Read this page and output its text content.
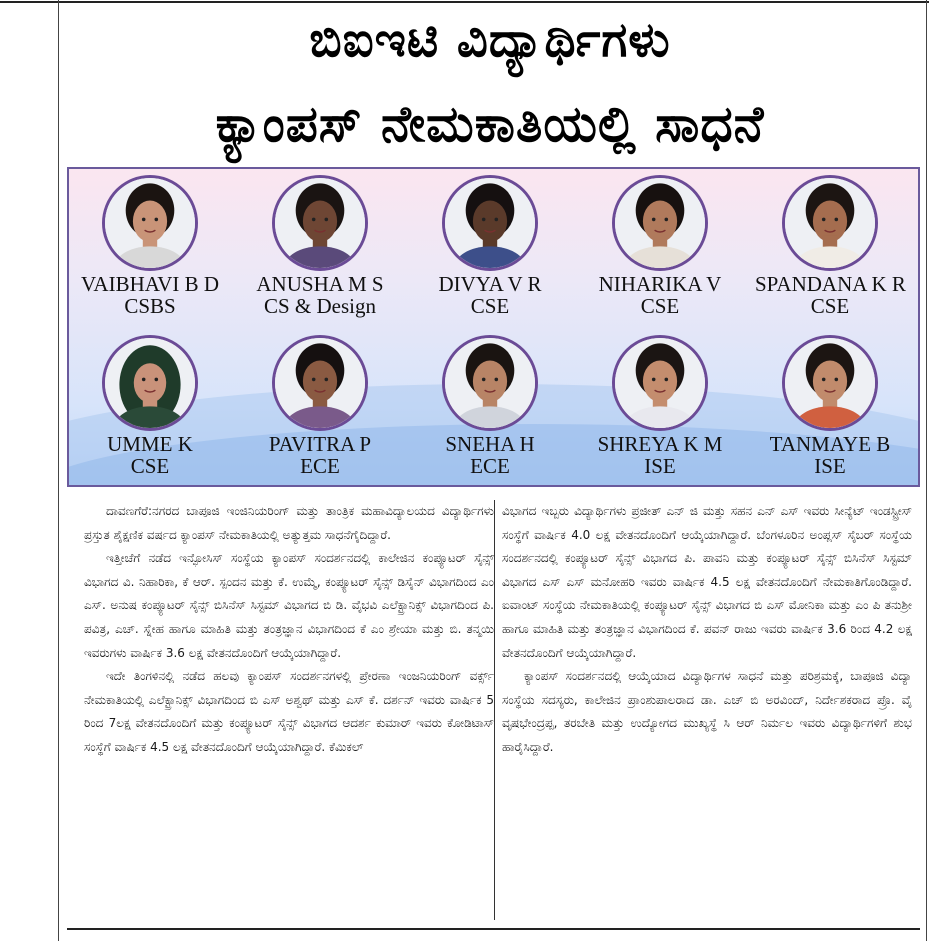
ಬಿಐಇಟಿ ವಿದ್ಯಾರ್ಥಿಗಳು
ಕ್ಯಾಂಪಸ್ ನೇಮಕಾತಿಯಲ್ಲಿ ಸಾಧನೆ
VAIBHAVI B D
CSBS
ANUSHA M S
CS & Design
DIVYA V R
CSE
NIHARIKA V
CSE
SPANDANA K R
CSE
UMME K
CSE
PAVITRA P
ECE
SNEHA H
ECE
SHREYA K M
ISE
TANMAYE B
ISE

ದಾವಣಗೆರೆ:ನಗರದ ಬಾಪೂಜಿ ಇಂಜಿನಿಯರಿಂಗ್ ಮತ್ತು ತಾಂತ್ರಿಕ ಮಹಾವಿದ್ಯಾಲಯದ ವಿದ್ಯಾರ್ಥಿಗಳು ಪ್ರಸ್ತುತ ಶೈಕ್ಷಣಿಕ ವರ್ಷದ ಕ್ಯಾಂಪಸ್ ನೇಮಕಾತಿಯಲ್ಲಿ ಅತ್ಯುತ್ತಮ ಸಾಧನೆಗೈದಿದ್ದಾರೆ.

ಇತ್ತೀಚೆಗೆ ನಡೆದ ಇನ್ಫೋಸಿಸ್ ಸಂಸ್ಥೆಯ ಕ್ಯಾಂಪಸ್ ಸಂದರ್ಶನದಲ್ಲಿ ಕಾಲೇಜಿನ ಕಂಪ್ಯೂಟರ್ ಸೈನ್ಸ್ ವಿಭಾಗದ ವಿ. ನಿಹಾರಿಕಾ, ಕೆ ಆರ್. ಸ್ಪಂದನ ಮತ್ತು ಕೆ. ಉಮ್ಮೆ, ಕಂಪ್ಯೂಟರ್ ಸೈನ್ಸ್ ಡಿಸೈನ್ ವಿಭಾಗದಿಂದ ಎಂ ಎಸ್. ಅನುಷ ಕಂಪ್ಯೂಟರ್ ಸೈನ್ಸ್ ಬಿಸಿನೆಸ್ ಸಿಸ್ಟಮ್ ವಿಭಾಗದ ಬಿ ಡಿ. ವೈಭವಿ ಎಲೆಕ್ಟ್ರಾನಿಕ್ಸ್ ವಿಭಾಗದಿಂದ ಪಿ. ಪವಿತ್ರ, ಎಚ್. ಸ್ನೇಹ ಹಾಗೂ ಮಾಹಿತಿ ಮತ್ತು ತಂತ್ರಜ್ಞಾನ ವಿಭಾಗದಿಂದ ಕೆ ಎಂ ಶ್ರೇಯಾ ಮತ್ತು ಬಿ. ತನ್ಮಯಿ ಇವರುಗಳು ವಾರ್ಷಿಕ 3.6 ಲಕ್ಷ ವೇತನದೊಂದಿಗೆ ಆಯ್ಕೆಯಾಗಿದ್ದಾರೆ.

ಇದೇ ತಿಂಗಳಿನಲ್ಲಿ ನಡೆದ ಹಲವು ಕ್ಯಾಂಪಸ್ ಸಂದರ್ಶನಗಳಲ್ಲಿ ಪ್ರೇರಣಾ ಇಂಜನಿಯರಿಂಗ್ ವರ್ಕ್ಸ್ ನೇಮಕಾತಿಯಲ್ಲಿ ಎಲೆಕ್ಟ್ರಾನಿಕ್ಸ್ ವಿಭಾಗದಿಂದ ಬಿ ಎಸ್ ಅಶ್ವಥ್ ಮತ್ತು ಎಸ್ ಕೆ. ದರ್ಶನ್ ಇವರು ವಾರ್ಷಿಕ 5 ರಿಂದ 7ಲಕ್ಷ ವೇತನದೊಂದಿಗೆ ಮತ್ತು ಕಂಪ್ಯೂಟರ್ ಸೈನ್ಸ್ ವಿಭಾಗದ ಆದರ್ಶ ಕುಮಾರ್ ಇವರು ಕೋಡಿಟಾಸ್ ಸಂಸ್ಥೆಗೆ ವಾರ್ಷಿಕ 4.5 ಲಕ್ಷ ವೇತನದೊಂದಿಗೆ ಆಯ್ಕೆಯಾಗಿದ್ದಾರೆ. ಕೆಮಿಕಲ್

ವಿಭಾಗದ ಇಬ್ಬರು ವಿದ್ಯಾರ್ಥಿಗಳು ಪ್ರಜೀತ್ ಎನ್ ಜಿ ಮತ್ತು ಸಹನ ಎನ್ ಎಸ್ ಇವರು ಸೀನ್ಯೆಟ್ ಇಂಡಸ್ಟ್ರೀಸ್ ಸಂಸ್ಥೆಗೆ ವಾರ್ಷಿಕ 4.0 ಲಕ್ಷ ವೇತನದೊಂದಿಗೆ ಆಯ್ಕೆಯಾಗಿದ್ದಾರೆ. ಬೆಂಗಳೂರಿನ ಅಂಪ್ಲಸ್ ಸೈಬರ್ ಸಂಸ್ಥೆಯ ಸಂದರ್ಶನದಲ್ಲಿ ಕಂಪ್ಯೂಟರ್ ಸೈನ್ಸ್ ವಿಭಾಗದ ಪಿ. ಪಾವನಿ ಮತ್ತು ಕಂಪ್ಯೂಟರ್ ಸೈನ್ಸ್ ಬಿಸಿನೆಸ್ ಸಿಸ್ಟಮ್ ವಿಭಾಗದ ಎಸ್ ಎಸ್ ಮನೋಹರಿ ಇವರು ವಾರ್ಷಿಕ 4.5 ಲಕ್ಷ ವೇತನದೊಂದಿಗೆ ನೇಮಕಾತಿಗೊಂಡಿದ್ದಾರೆ. ಐವಾಂಟ್ ಸಂಸ್ಥೆಯ ನೇಮಕಾತಿಯಲ್ಲಿ ಕಂಪ್ಯೂಟರ್ ಸೈನ್ಸ್ ವಿಭಾಗದ ಬಿ ಎಸ್ ಮೋನಿಕಾ ಮತ್ತು ಎಂ ಪಿ ತನುಶ್ರೀ ಹಾಗೂ ಮಾಹಿತಿ ಮತ್ತು ತಂತ್ರಜ್ಞಾನ ವಿಭಾಗದಿಂದ ಕೆ. ಪವನ್ ರಾಜು ಇವರು ವಾರ್ಷಿಕ 3.6 ರಿಂದ 4.2 ಲಕ್ಷ ವೇತನದೊಂದಿಗೆ ಆಯ್ಕೆಯಾಗಿದ್ದಾರೆ.

ಕ್ಯಾಂಪಸ್ ಸಂದರ್ಶನದಲ್ಲಿ ಆಯ್ಕೆಯಾದ ವಿದ್ಯಾರ್ಥಿಗಳ ಸಾಧನೆ ಮತ್ತು ಪರಿಶ್ರಮಕ್ಕೆ, ಬಾಪೂಜಿ ವಿದ್ಯಾ ಸಂಸ್ಥೆಯ ಸದಸ್ಯರು, ಕಾಲೇಜಿನ ಪ್ರಾಂಶುಪಾಲರಾದ ಡಾ. ಎಚ್ ಬಿ ಅರವಿಂದ್, ನಿರ್ದೇಶಕರಾದ ಪ್ರೊ. ವೈ ವೃಷಭೇಂದ್ರಪ್ಪ, ತರಬೇತಿ ಮತ್ತು ಉದ್ಯೋಗದ ಮುಖ್ಯಸ್ಥೆ ಸಿ ಆರ್ ನಿರ್ಮಲ ಇವರು ವಿದ್ಯಾರ್ಥಿಗಳಿಗೆ ಶುಭ ಹಾರೈಸಿದ್ದಾರೆ.
